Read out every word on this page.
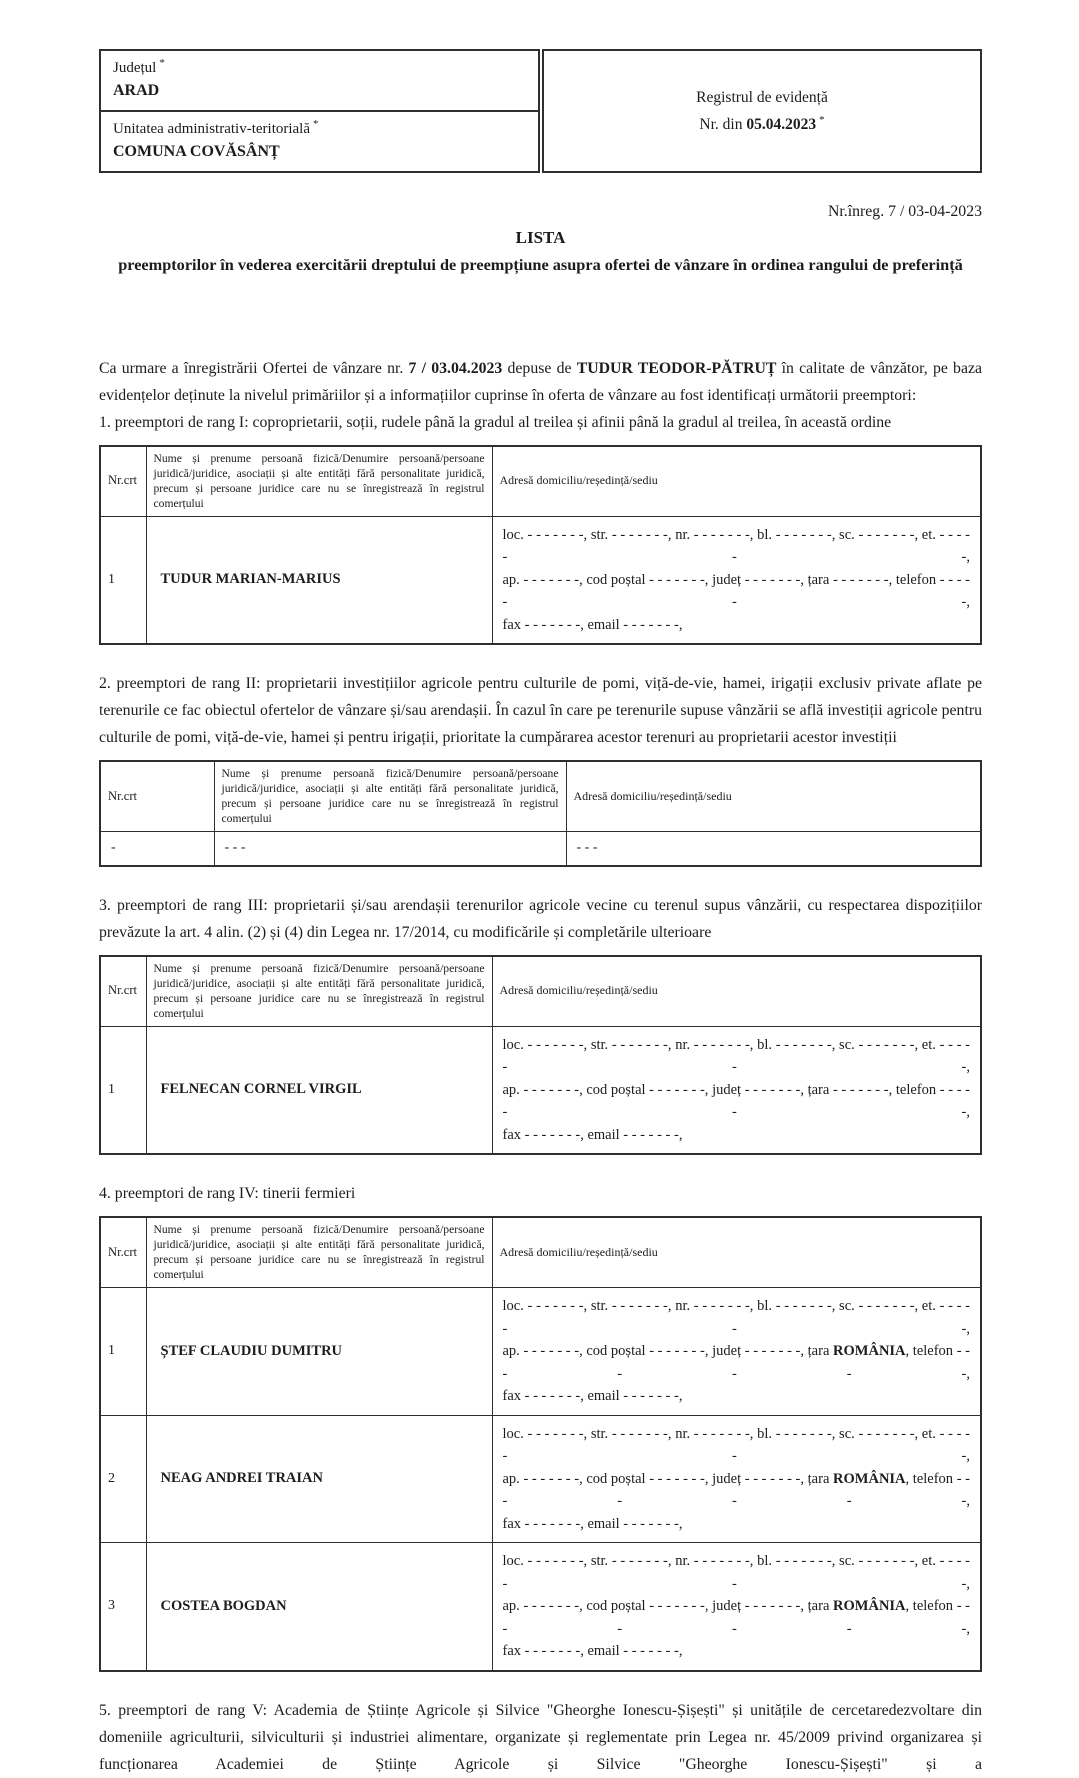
Județul *
ARAD
Unitatea administrativ-teritorială *
COMUNA COVĂSÂNȚ
Registrul de evidență
Nr. din 05.04.2023 *
Nr.înreg. 7 / 03-04-2023
LISTA
preemptorilor în vederea exercitării dreptului de preempțiune asupra ofertei de vânzare în ordinea rangului de preferință

Ca urmare a înregistrării Ofertei de vânzare nr. 7 / 03.04.2023 depuse de TUDUR TEODOR-PĂTRUȚ în calitate de vânzător, pe baza evidențelor deținute la nivelul primăriilor și a informațiilor cuprinse în oferta de vânzare au fost identificați următorii preemptori:

1. preemptori de rang I: coproprietarii, soții, rudele până la gradul al treilea și afinii până la gradul al treilea, în această ordine

Nr.crt	Nume și prenume persoană fizică/Denumire persoană/persoane juridică/juridice, asociații și alte entități fără personalitate juridică, precum și persoane juridice care nu se înregistrează în registrul comerțului	Adresă domiciliu/reședință/sediu
1	TUDUR MARIAN-MARIUS	loc. - - - - - - -, str. - - - - - - -, nr. - - - - - - -, bl. - - - - - - -, sc. - - - - - - -, et. - - - - - - -,
ap. - - - - - - -, cod poștal - - - - - - -, județ - - - - - - -, țara - - - - - - -, telefon - - - - - - -,
fax - - - - - - -, email - - - - - - -,

2. preemptori de rang II: proprietarii investițiilor agricole pentru culturile de pomi, viță-de-vie, hamei, irigații exclusiv private aflate pe terenurile ce fac obiectul ofertelor de vânzare și/sau arendașii. În cazul în care pe terenurile supuse vânzării se află investiții agricole pentru culturile de pomi, viță-de-vie, hamei și pentru irigații, prioritate la cumpărarea acestor terenuri au proprietarii acestor investiții

Nr.crt	Nume și prenume persoană fizică/Denumire persoană/persoane juridică/juridice, asociații și alte entități fără personalitate juridică, precum și persoane juridice care nu se înregistrează în registrul comerțului	Adresă domiciliu/reședință/sediu
-	- - -	- - -

3. preemptori de rang III: proprietarii și/sau arendașii terenurilor agricole vecine cu terenul supus vânzării, cu respectarea dispozițiilor prevăzute la art. 4 alin. (2) și (4) din Legea nr. 17/2014, cu modificările și completările ulterioare

Nr.crt	Nume și prenume persoană fizică/Denumire persoană/persoane juridică/juridice, asociații și alte entități fără personalitate juridică, precum și persoane juridice care nu se înregistrează în registrul comerțului	Adresă domiciliu/reședință/sediu
1	FELNECAN CORNEL VIRGIL	loc. - - - - - - -, str. - - - - - - -, nr. - - - - - - -, bl. - - - - - - -, sc. - - - - - - -, et. - - - - - - -,
ap. - - - - - - -, cod poștal - - - - - - -, județ - - - - - - -, țara - - - - - - -, telefon - - - - - - -,
fax - - - - - - -, email - - - - - - -,

4. preemptori de rang IV: tinerii fermieri

Nr.crt	Nume și prenume persoană fizică/Denumire persoană/persoane juridică/juridice, asociații și alte entități fără personalitate juridică, precum și persoane juridice care nu se înregistrează în registrul comerțului	Adresă domiciliu/reședință/sediu
1	ȘTEF CLAUDIU DUMITRU	loc. - - - - - - -, str. - - - - - - -, nr. - - - - - - -, bl. - - - - - - -, sc. - - - - - - -, et. - - - - - - -,
ap. - - - - - - -, cod poștal - - - - - - -, județ - - - - - - -, țara ROMÂNIA, telefon - - - - - - -,
fax - - - - - - -, email - - - - - - -,

2	NEAG ANDREI TRAIAN	loc. - - - - - - -, str. - - - - - - -, nr. - - - - - - -, bl. - - - - - - -, sc. - - - - - - -, et. - - - - - - -,
ap. - - - - - - -, cod poștal - - - - - - -, județ - - - - - - -, țara ROMÂNIA, telefon - - - - - - -,
fax - - - - - - -, email - - - - - - -,

3	COSTEA BOGDAN	loc. - - - - - - -, str. - - - - - - -, nr. - - - - - - -, bl. - - - - - - -, sc. - - - - - - -, et. - - - - - - -,
ap. - - - - - - -, cod poștal - - - - - - -, județ - - - - - - -, țara ROMÂNIA, telefon - - - - - - -,
fax - - - - - - -, email - - - - - - -,

5. preemptori de rang V: Academia de Științe Agricole și Silvice "Gheorghe Ionescu-Șișești" și unitățile de cercetaredezvoltare din domeniile agriculturii, silviculturii și industriei alimentare, organizate și reglementate prin Legea nr. 45/2009 privind organizarea și funcționarea Academiei de Științe Agricole și Silvice "Gheorghe Ionescu-Șișești" și a
